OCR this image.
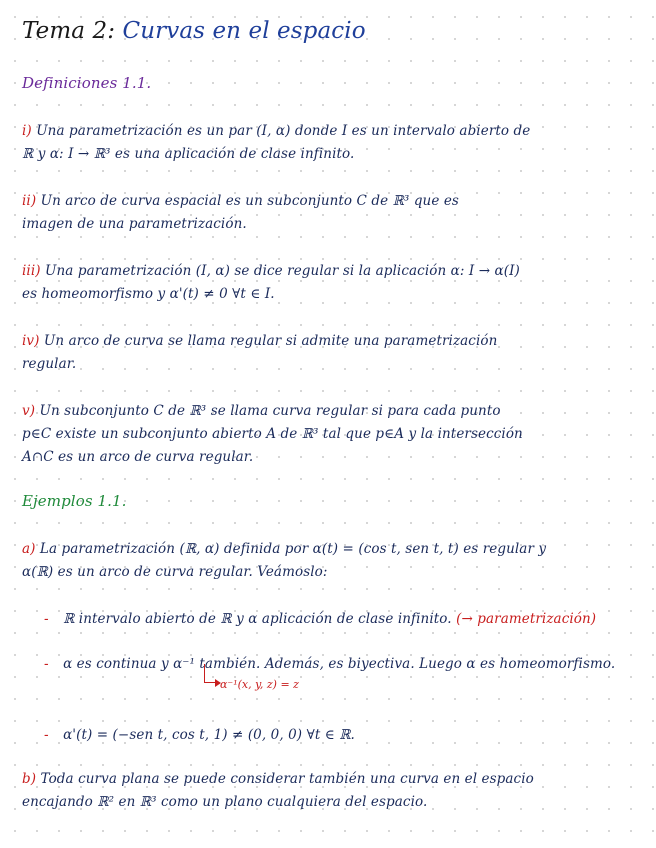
Tema 2: Curvas en el espacio
Definiciones 1.1.
i) Una parametrización es un par (I, α) donde I es un intervalo abierto de
ℝ y α: I → ℝ³ es una aplicación de clase infinito.
ii) Un arco de curva espacial es un subconjunto C de ℝ³ que es
imagen de una parametrización.
iii) Una parametrización (I, α) se dice regular si la aplicación α: I → α(I)
es homeomorfismo y α'(t) ≠ 0 ∀t ∈ I.
iv) Un arco de curva se llama regular si admite una parametrización
regular.
v) Un subconjunto C de ℝ³ se llama curva regular si para cada punto
p∈C existe un subconjunto abierto A de ℝ³ tal que p∈A y la intersección
A∩C es un arco de curva regular.
Ejemplos 1.1.
a) La parametrización (ℝ, α) definida por α(t) = (cos t, sen t, t) es regular y
α(ℝ) es un arco de curva regular. Veámoslo:
- ℝ intervalo abierto de ℝ y α aplicación de clase infinito. (→ parametrización)
- α es continua y α⁻¹ también. Además, es biyectiva. Luego α es homeomorfismo.
α⁻¹(x, y, z) = z
- α'(t) = (−sen t, cos t, 1) ≠ (0, 0, 0) ∀t ∈ ℝ.
b) Toda curva plana se puede considerar también una curva en el espacio
encajando ℝ² en ℝ³ como un plano cualquiera del espacio.
